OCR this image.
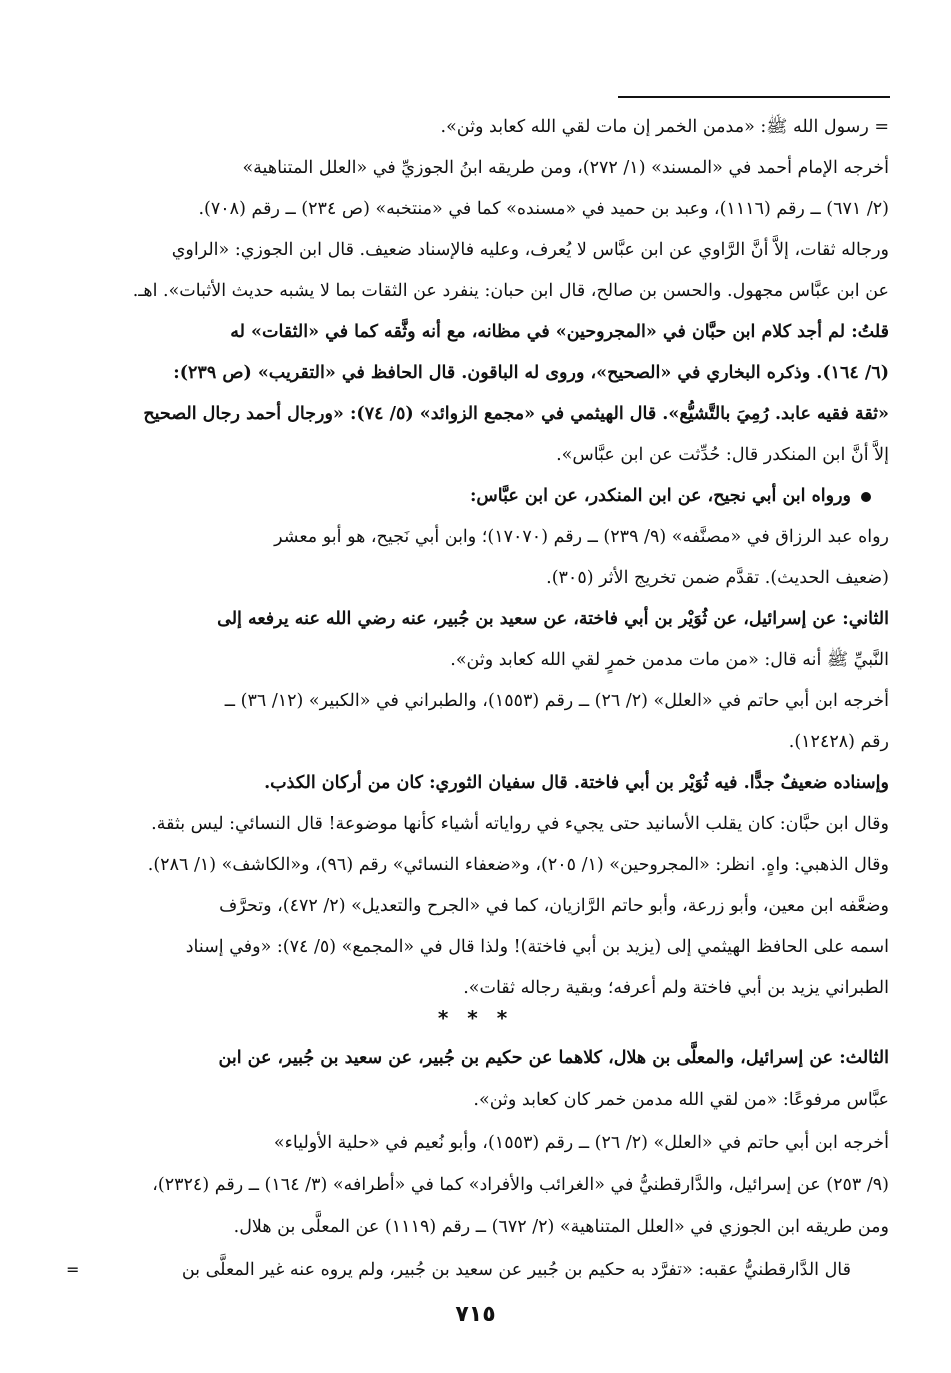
= رسول الله ﷺ: «مدمن الخمر إن مات لقي الله كعابد وثن».
أخرجه الإمام أحمد في «المسند» (١/ ٢٧٢)، ومن طريقه ابنُ الجوزيِّ في «العلل المتناهية»
(٢/ ٦٧١) ــ رقم (١١١٦)، وعبد بن حميد في «مسنده» كما في «منتخبه» (ص ٢٣٤) ــ رقم (٧٠٨).
ورجاله ثقات، إلاَّ أنَّ الرَّاوي عن ابن عبَّاس لا يُعرف، وعليه فالإسناد ضعيف. قال ابن الجوزي: «الراوي
عن ابن عبَّاس مجهول. والحسن بن صالح، قال ابن حبان: ينفرد عن الثقات بما لا يشبه حديث الأثبات». اهـ.
قلتُ: لم أجد كلام ابن حبَّان في «المجروحين» في مظانه، مع أنه وثَّقه كما في «الثقات» له
(٦/ ١٦٤). وذكره البخاري في «الصحيح»، وروى له الباقون. قال الحافظ في «التقريب» (ص ٢٣٩):
«ثقة فقيه عابد. رُمِيَ بالتَّشيُّع». قال الهيثمي في «مجمع الزوائد» (٥/ ٧٤): «ورجال أحمد رجال الصحيح
إلاَّ أنَّ ابن المنكدر قال: حُدِّثت عن ابن عبَّاس».
ورواه ابن أبي نجيح، عن ابن المنكدر، عن ابن عبَّاس:
رواه عبد الرزاق في «مصنَّفه» (٩/ ٢٣٩) ــ رقم (١٧٠٧٠)؛ وابن أبي نَجيح، هو أبو معشر
(ضعيف الحديث). تقدَّم ضمن تخريج الأثر (٣٠٥).
الثاني: عن إسرائيل، عن ثُوَيْر بن أبي فاختة، عن سعيد بن جُبير، عنه رضي الله عنه يرفعه إلى
النَّبيِّ ﷺ أنه قال: «من مات مدمن خمرٍ لقي الله كعابد وثن».
أخرجه ابن أبي حاتم في «العلل» (٢/ ٢٦) ــ رقم (١٥٥٣)، والطبراني في «الكبير» (١٢/ ٣٦) ــ
رقم (١٢٤٢٨).
وإسناده ضعيفٌ جدًّا. فيه ثُوَيْر بن أبي فاختة. قال سفيان الثوري: كان من أركان الكذب.
وقال ابن حبَّان: كان يقلب الأسانيد حتى يجيء في رواياته أشياء كأنها موضوعة! قال النسائي: ليس بثقة.
وقال الذهبي: واهٍ. انظر: «المجروحين» (١/ ٢٠٥)، و«ضعفاء النسائي» رقم (٩٦)، و«الكاشف» (١/ ٢٨٦).
وضعَّفه ابن معين، وأبو زرعة، وأبو حاتم الرَّازيان، كما في «الجرح والتعديل» (٢/ ٤٧٢)، وتحرَّف
اسمه على الحافظ الهيثمي إلى (يزيد بن أبي فاختة)! ولذا قال في «المجمع» (٥/ ٧٤): «وفي إسناد
الطبراني يزيد بن أبي فاختة ولم أعرفه؛ وبقية رجاله ثقات».
* * *
الثالث: عن إسرائيل، والمعلَّى بن هلال، كلاهما عن حكيم بن جُبير، عن سعيد بن جُبير، عن ابن
عبَّاس مرفوعًا: «من لقي الله مدمن خمر كان كعابد وثن».
أخرجه ابن أبي حاتم في «العلل» (٢/ ٢٦) ــ رقم (١٥٥٣)، وأبو نُعيم في «حلية الأولياء»
(٩/ ٢٥٣) عن إسرائيل، والدَّارقطنيُّ في «الغرائب والأفراد» كما في «أطرافه» (٣/ ١٦٤) ــ رقم (٢٣٢٤)،
ومن طريقه ابن الجوزي في «العلل المتناهية» (٢/ ٦٧٢) ــ رقم (١١١٩) عن المعلَّى بن هلال.
قال الدَّارقطنيُّ عقبه: «تفرَّد به حكيم بن جُبير عن سعيد بن جُبير، ولم يروه عنه غير المعلَّى بن
=
٧١٥
